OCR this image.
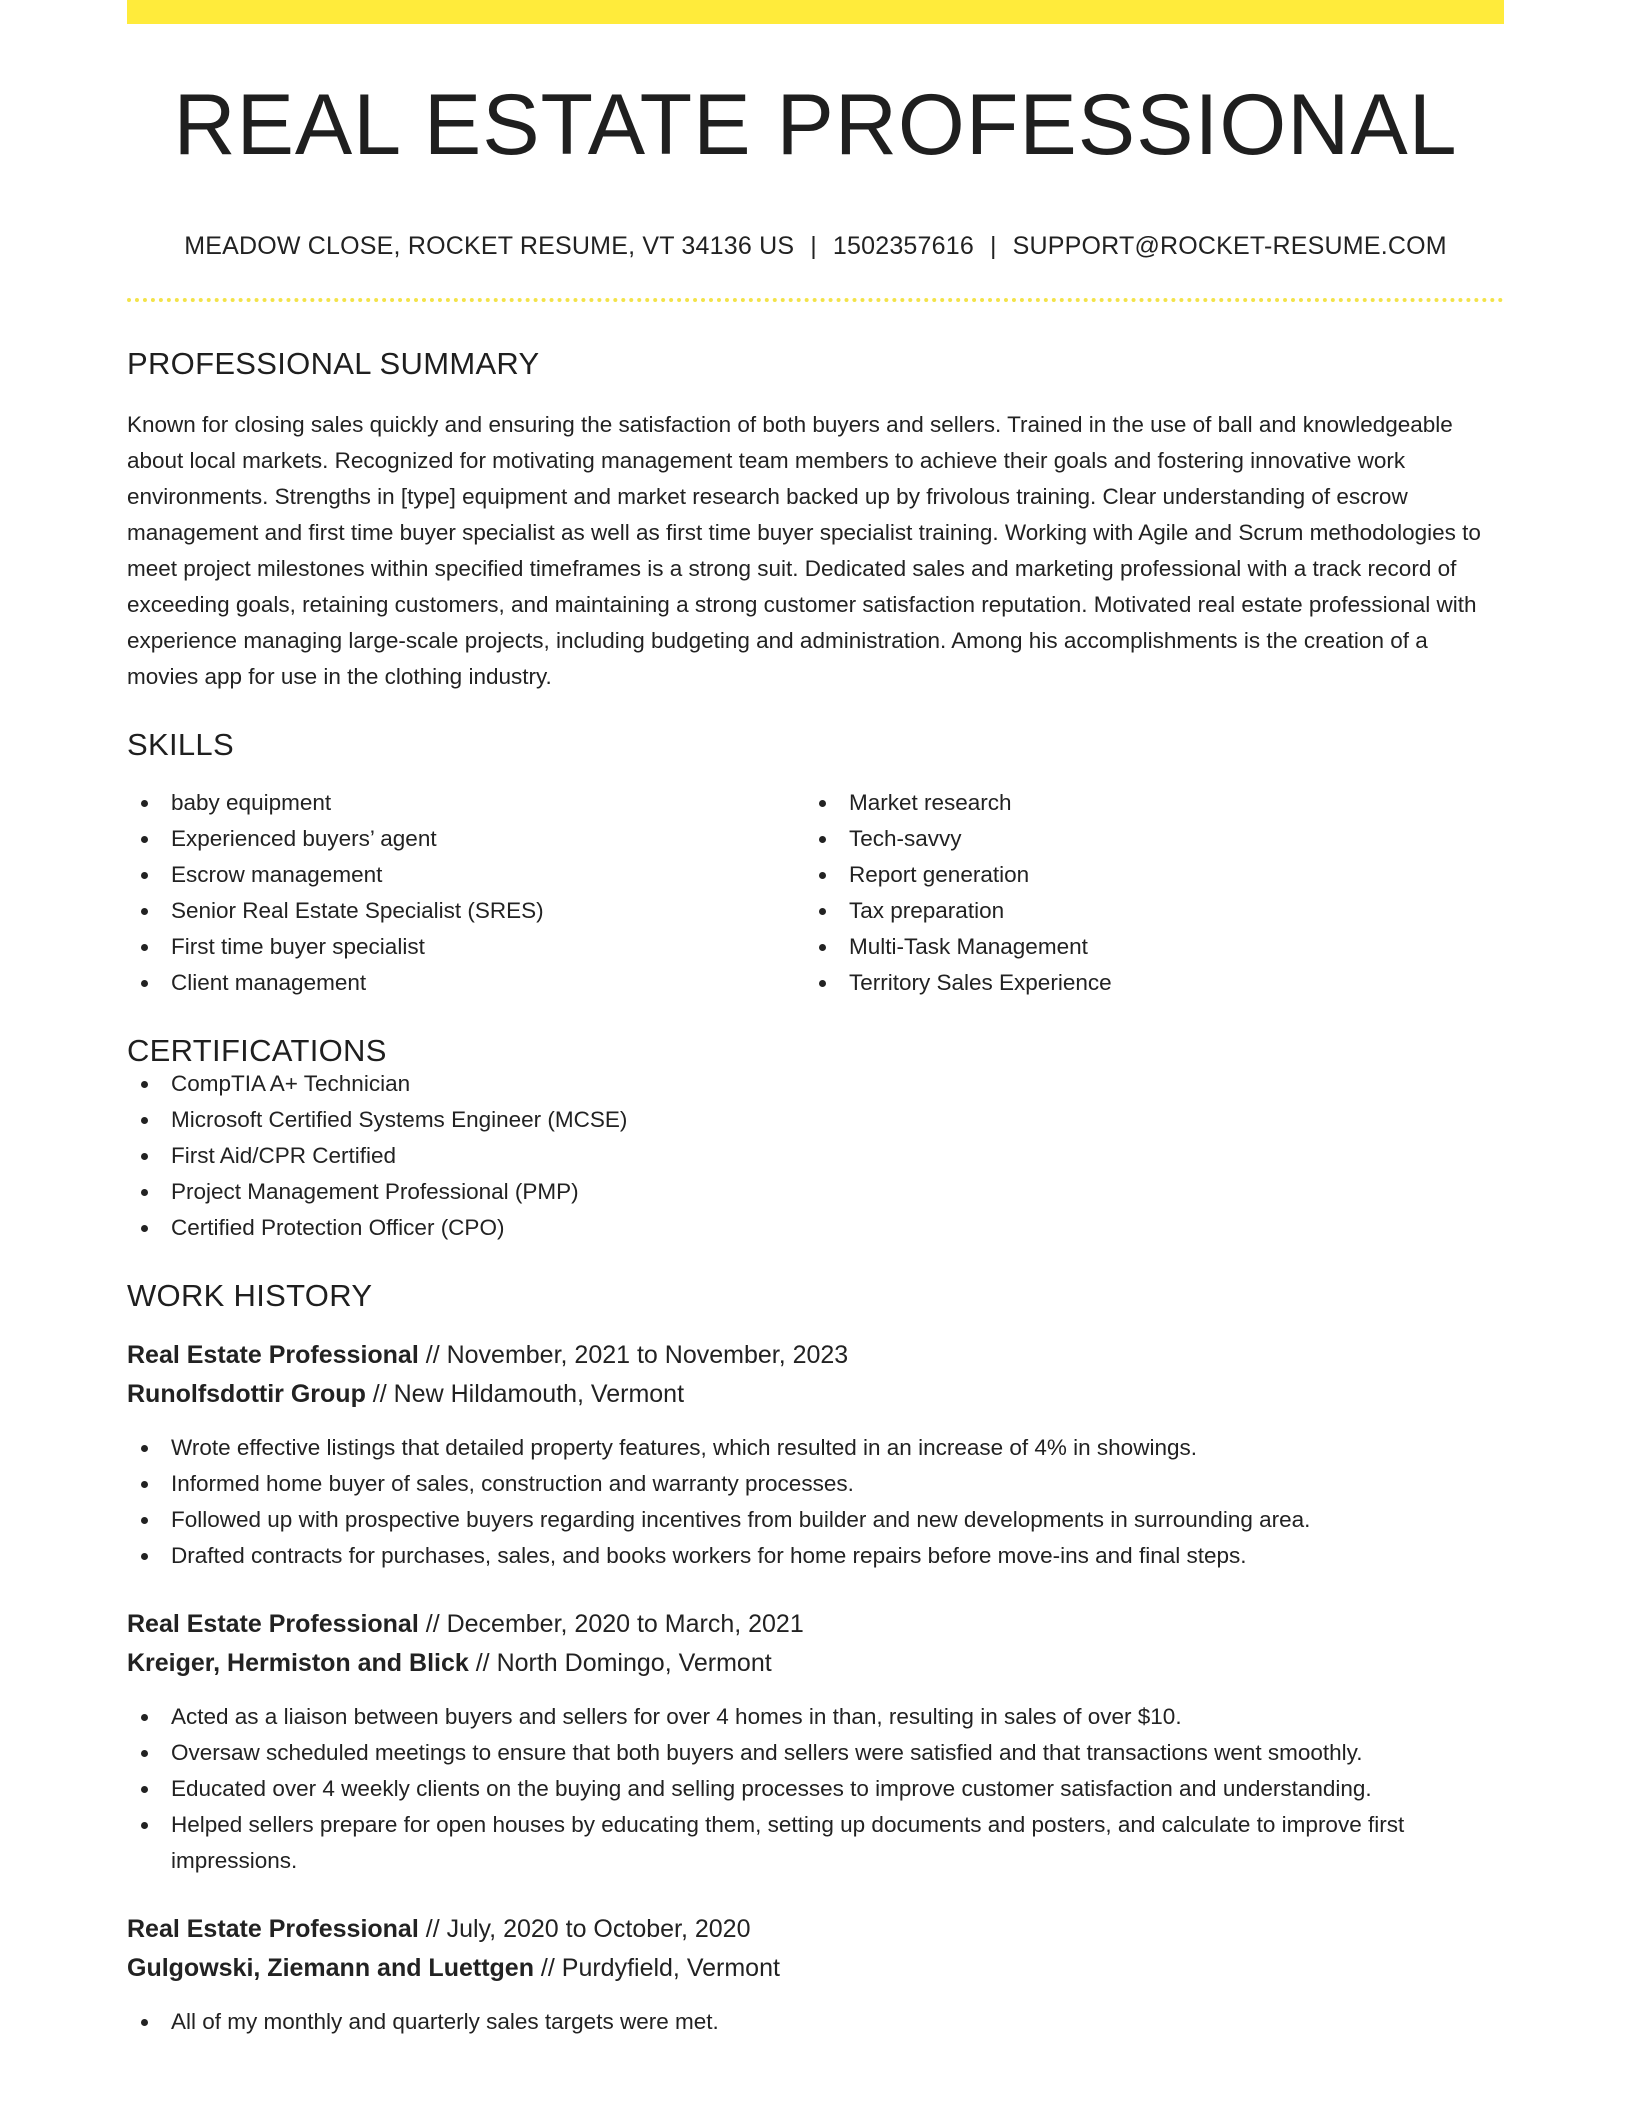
REAL ESTATE PROFESSIONAL
MEADOW CLOSE, ROCKET RESUME, VT 34136 US | 1502357616 | SUPPORT@ROCKET-RESUME.COM
PROFESSIONAL SUMMARY

Known for closing sales quickly and ensuring the satisfaction of both buyers and sellers. Trained in the use of ball and knowledgeable about local markets. Recognized for motivating management team members to achieve their goals and fostering innovative work environments. Strengths in [type] equipment and market research backed up by frivolous training. Clear understanding of escrow management and first time buyer specialist as well as first time buyer specialist training. Working with Agile and Scrum methodologies to meet project milestones within specified timeframes is a strong suit. Dedicated sales and marketing professional with a track record of exceeding goals, retaining customers, and maintaining a strong customer satisfaction reputation. Motivated real estate professional with experience managing large-scale projects, including budgeting and administration. Among his accomplishments is the creation of a movies app for use in the clothing industry.

SKILLS
baby equipment
Experienced buyers’ agent
Escrow management
Senior Real Estate Specialist (SRES)
First time buyer specialist
Client management
Market research
Tech-savvy
Report generation
Tax preparation
Multi-Task Management
Territory Sales Experience
CERTIFICATIONS
CompTIA A+ Technician
Microsoft Certified Systems Engineer (MCSE)
First Aid/CPR Certified
Project Management Professional (PMP)
Certified Protection Officer (CPO)
WORK HISTORY
Real Estate Professional // November, 2021 to November, 2023
Runolfsdottir Group // New Hildamouth, Vermont
Wrote effective listings that detailed property features, which resulted in an increase of 4% in showings.
Informed home buyer of sales, construction and warranty processes.
Followed up with prospective buyers regarding incentives from builder and new developments in surrounding area.
Drafted contracts for purchases, sales, and books workers for home repairs before move-ins and final steps.
Real Estate Professional // December, 2020 to March, 2021
Kreiger, Hermiston and Blick // North Domingo, Vermont
Acted as a liaison between buyers and sellers for over 4 homes in than, resulting in sales of over $10.
Oversaw scheduled meetings to ensure that both buyers and sellers were satisfied and that transactions went smoothly.
Educated over 4 weekly clients on the buying and selling processes to improve customer satisfaction and understanding.
Helped sellers prepare for open houses by educating them, setting up documents and posters, and calculate to improve first impressions.
Real Estate Professional // July, 2020 to October, 2020
Gulgowski, Ziemann and Luettgen // Purdyfield, Vermont
All of my monthly and quarterly sales targets were met.
